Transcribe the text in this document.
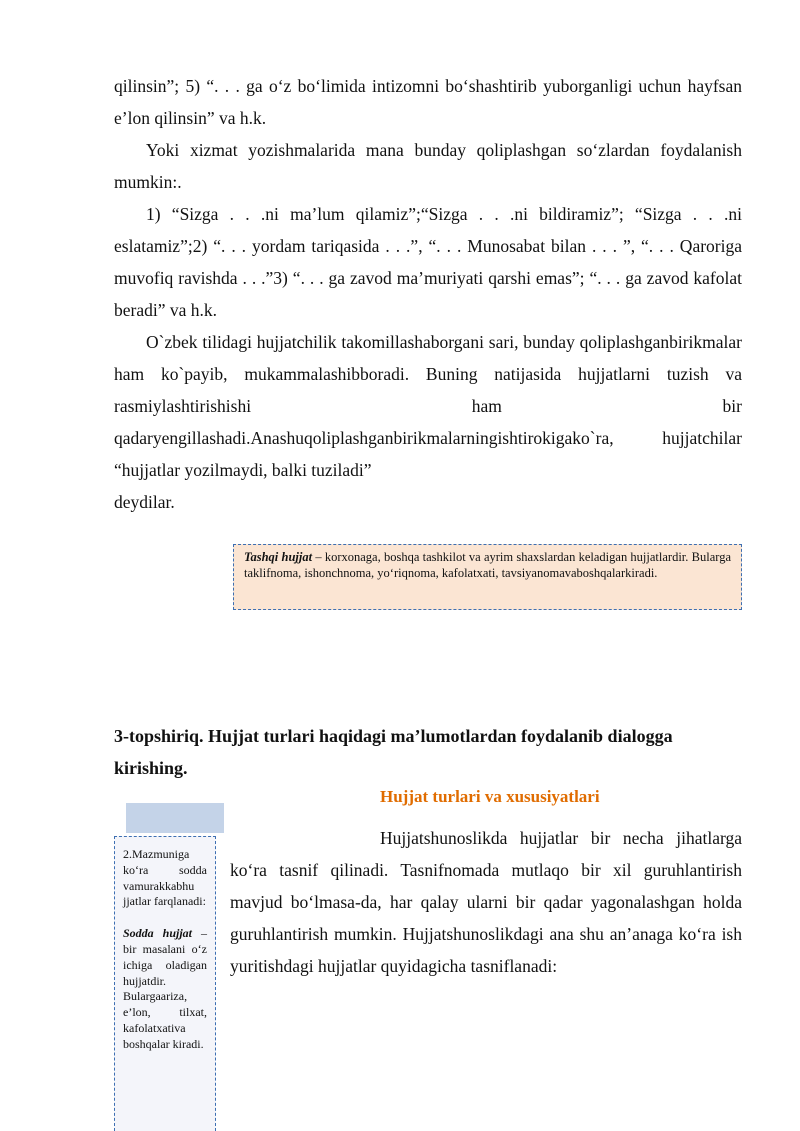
qilinsin”; 5) “. . . ga o‘z bo‘limida intizomni bo‘shashtirib yuborganligi uchun hayfsan e’lon qilinsin” va h.k.

Yoki xizmat yozishmalarida mana bunday qoliplashgan so‘zlardan foydalanish mumkin:.

1) “Sizga . . .ni ma’lum qilamiz”;“Sizga . . .ni bildiramiz”; “Sizga . . .ni eslatamiz”;2) “. . . yordam tariqasida . . .”, “. . . Munosabat bilan . . . ”, “. . . Qaroriga muvofiq ravishda . . .”3) “. . . ga zavod ma’muriyati qarshi emas”; “. . . ga zavod kafolat beradi” va h.k.

O`zbek tilidagi hujjatchilik takomillashaborgani sari, bunday qoliplashganbirikmalar ham ko`payib, mukammalashibboradi. Buning natijasida hujjatlarni tuzish va rasmiylashtirishishi ham bir qadaryengillashadi.Anashuqoliplashganbirikmalarningishtirokigako`ra, hujjatchilar “hujjatlar yozilmaydi, balki tuziladi”

deydilar.

Tashqi hujjat – korxonaga, boshqa tashkilot va ayrim shaxslardan keladigan hujjatlardir. Bularga taklifnoma, ishonchnoma, yo‘riqnoma, kafolatxati, tavsiyanomavaboshqalarkiradi.

3-topshiriq. Hujjat turlari haqidagi ma’lumotlardan foydalanib dialogga kirishing.

Hujjat turlari va xususiyatlari

2.Mazmuniga ko‘ra sodda vamurakkabhu jjatlar farqlanadi:

Sodda hujjat – bir masalani o‘z ichiga oladigan hujjatdir. Bulargaariza, e’lon, tilxat, kafolatxativa boshqalar kiradi.

Hujjatshunoslikda hujjatlar bir necha jihatlarga ko‘ra tasnif qilinadi. Tasnifnomada mutlaqo bir xil guruhlantirish mavjud bo‘lmasa-da, har qalay ularni bir qadar yagonalashgan holda guruhlantirish mumkin. Hujjatshunoslikdagi ana shu an’anaga ko‘ra ish yuritishdagi hujjatlar quyidagicha tasniflanadi:
